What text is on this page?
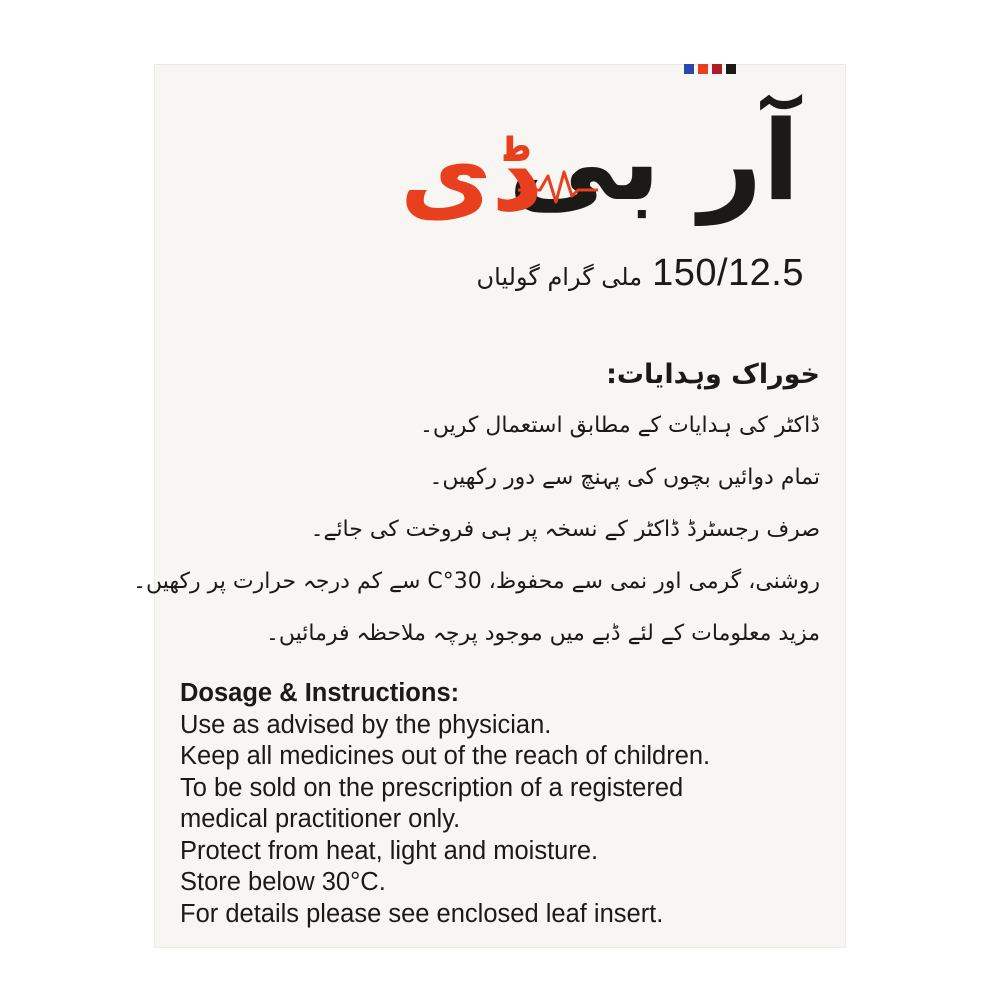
آر بی
ڈی
ملی گرام گولیاں 150/12.5
خوراک وہدایات:
ڈاکٹر کی ہدایات کے مطابق استعمال کریں۔
تمام دوائیں بچوں کی پہنچ سے دور رکھیں۔
صرف رجسٹرڈ ڈاکٹر کے نسخہ پر ہی فروخت کی جائے۔
روشنی، گرمی اور نمی سے محفوظ، 30°C سے کم درجہ حرارت پر رکھیں۔
مزید معلومات کے لئے ڈبے میں موجود پرچہ ملاحظہ فرمائیں۔
Dosage & Instructions:
Use as advised by the physician.
Keep all medicines out of the reach of children.
To be sold on the prescription of a registered
medical practitioner only.
Protect from heat, light and moisture.
Store below 30°C.
For details please see enclosed leaf insert.
